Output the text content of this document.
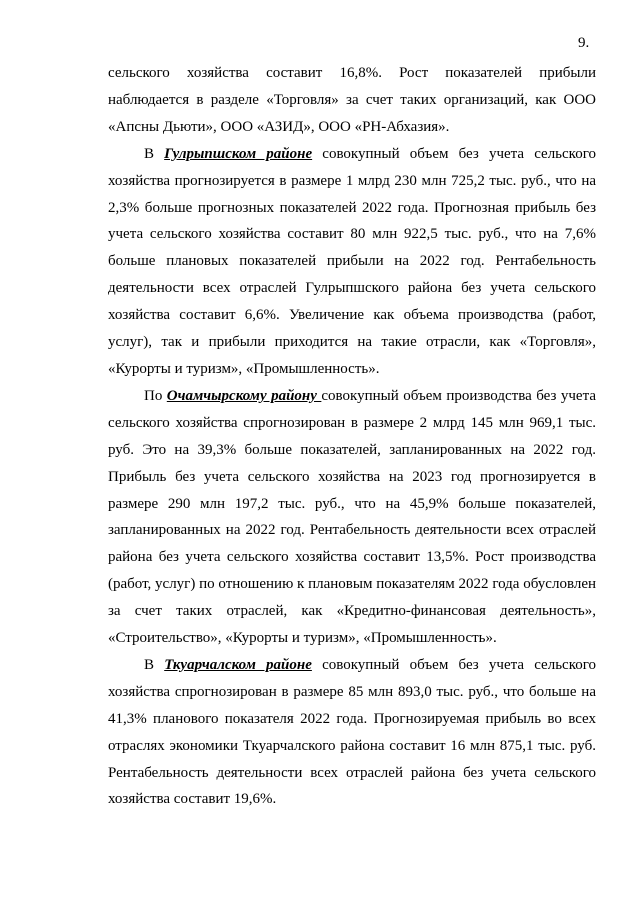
9.

сельского хозяйства составит 16,8%. Рост показателей прибыли наблюдается в разделе «Торговля» за счет таких организаций, как ООО «Апсны Дьюти», ООО «АЗИД», ООО «РН-Абхазия».

В Гулрыпшском районе совокупный объем без учета сельского хозяйства прогнозируется в размере 1 млрд 230 млн 725,2 тыс. руб., что на 2,3% больше прогнозных показателей 2022 года. Прогнозная прибыль без учета сельского хозяйства составит 80 млн 922,5 тыс. руб., что на 7,6% больше плановых показателей прибыли на 2022 год. Рентабельность деятельности всех отраслей Гулрыпшского района без учета сельского хозяйства составит 6,6%. Увеличение как объема производства (работ, услуг), так и прибыли приходится на такие отрасли, как «Торговля», «Курорты и туризм», «Промышленность».

По Очамчырскому району совокупный объем производства без учета сельского хозяйства спрогнозирован в размере 2 млрд 145 млн 969,1 тыс. руб. Это на 39,3% больше показателей, запланированных на 2022 год. Прибыль без учета сельского хозяйства на 2023 год прогнозируется в размере 290 млн 197,2 тыс. руб., что на 45,9% больше показателей, запланированных на 2022 год. Рентабельность деятельности всех отраслей района без учета сельского хозяйства составит 13,5%. Рост производства (работ, услуг) по отношению к плановым показателям 2022 года обусловлен за счет таких отраслей, как «Кредитно-финансовая деятельность», «Строительство», «Курорты и туризм», «Промышленность».

В Ткуарчалском районе совокупный объем без учета сельского хозяйства спрогнозирован в размере 85 млн 893,0 тыс. руб., что больше на 41,3% планового показателя 2022 года. Прогнозируемая прибыль во всех отраслях экономики Ткуарчалского района составит 16 млн 875,1 тыс. руб. Рентабельность деятельности всех отраслей района без учета сельского хозяйства составит 19,6%.
